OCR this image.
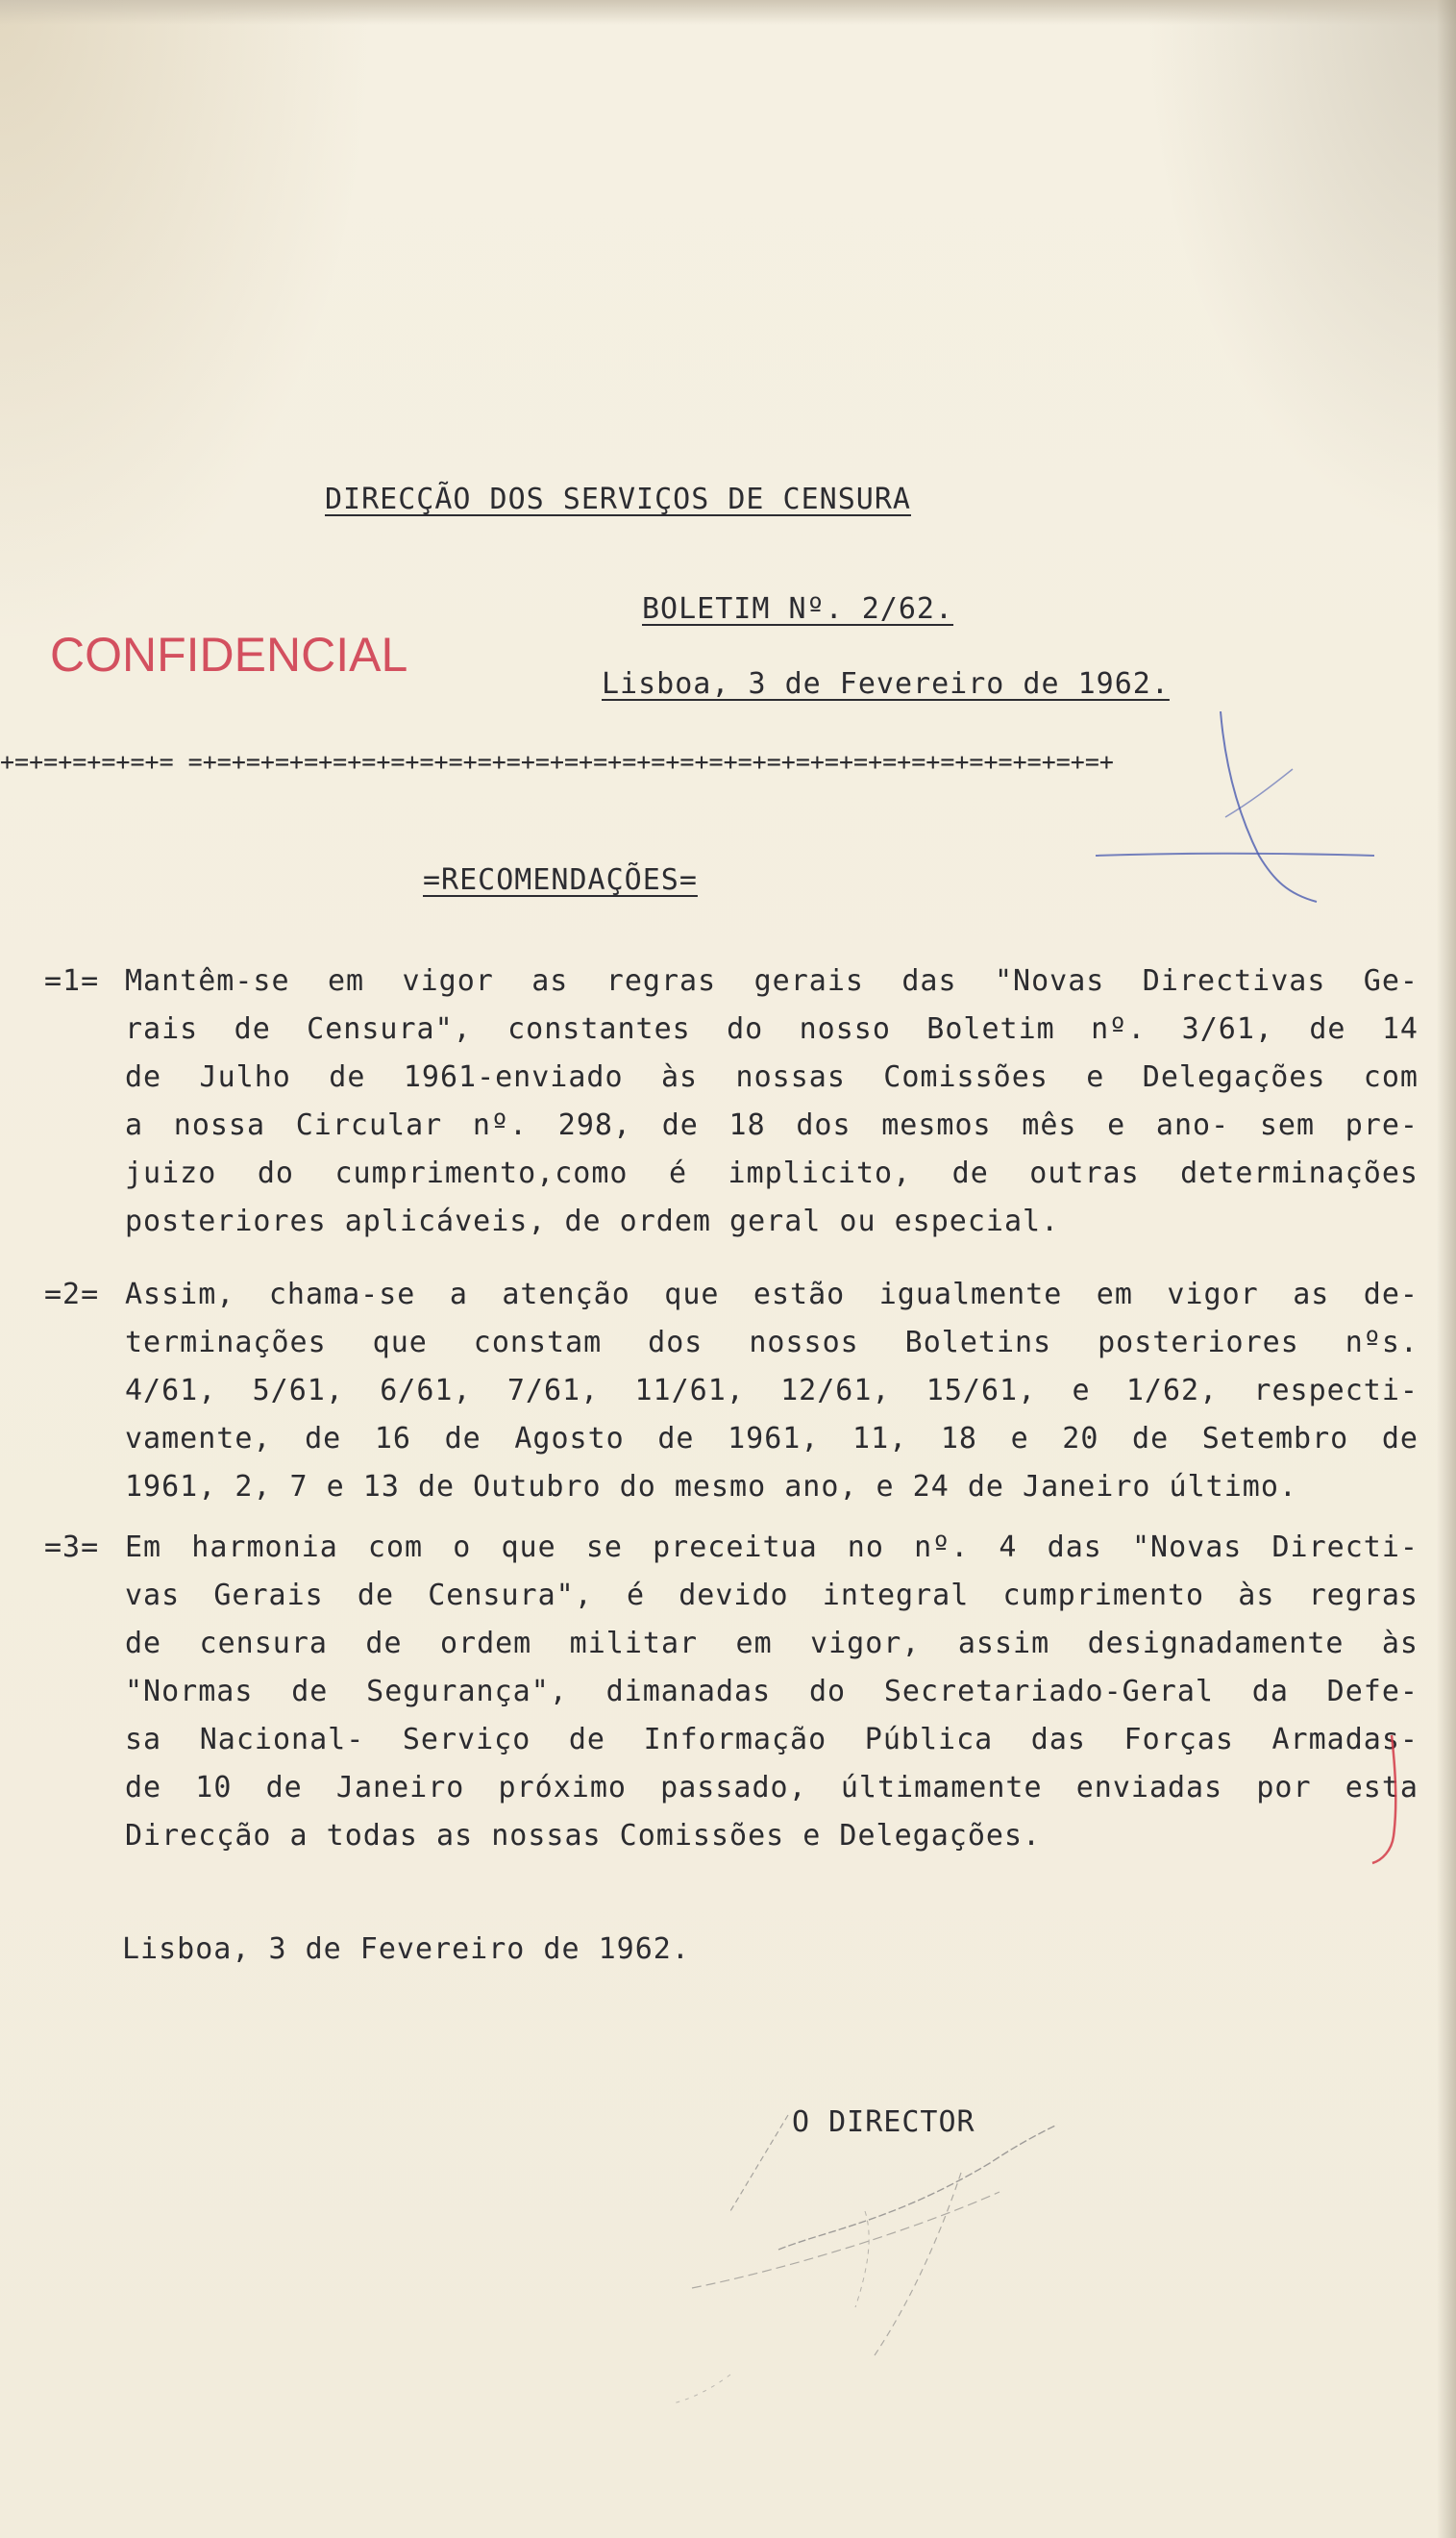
DIRECÇÃO DOS SERVIÇOS DE CENSURA
BOLETIM Nº. 2/62.
CONFIDENCIAL
Lisboa, 3 de Fevereiro de 1962.
+=+=+=+=+=+= =+=+=+=+=+=+=+=+=+=+=+=+=+=+=+=+=+=+=+=+=+=+=+=+=+=+=+=+=+=+=+=+
=RECOMENDAÇÕES=
=1= Mantêm-se em vigor as regras gerais das "Novas Directivas Ge-
rais de Censura", constantes do nosso Boletim nº. 3/61, de 14
de Julho de 1961-enviado às nossas Comissões e Delegações com
a nossa Circular nº. 298, de 18 dos mesmos mês e ano- sem pre-
juizo do cumprimento,como é implicito, de outras determinações
posteriores aplicáveis, de ordem geral ou especial.
=2= Assim, chama-se a atenção que estão igualmente em vigor as de-
terminações que constam dos nossos Boletins posteriores nºs.
4/61, 5/61, 6/61, 7/61, 11/61, 12/61, 15/61, e 1/62, respecti-
vamente, de 16 de Agosto de 1961, 11, 18 e 20 de Setembro de
1961, 2, 7 e 13 de Outubro do mesmo ano, e 24 de Janeiro último.
=3= Em harmonia com o que se preceitua no nº. 4 das "Novas Directi-
vas Gerais de Censura", é devido integral cumprimento às regras
de censura de ordem militar em vigor, assim designadamente às
"Normas de Segurança", dimanadas do Secretariado-Geral da Defe-
sa Nacional- Serviço de Informação Pública das Forças Armadas-
de 10 de Janeiro próximo passado, últimamente enviadas por esta
Direcção a todas as nossas Comissões e Delegações.
Lisboa, 3 de Fevereiro de 1962.
O DIRECTOR
